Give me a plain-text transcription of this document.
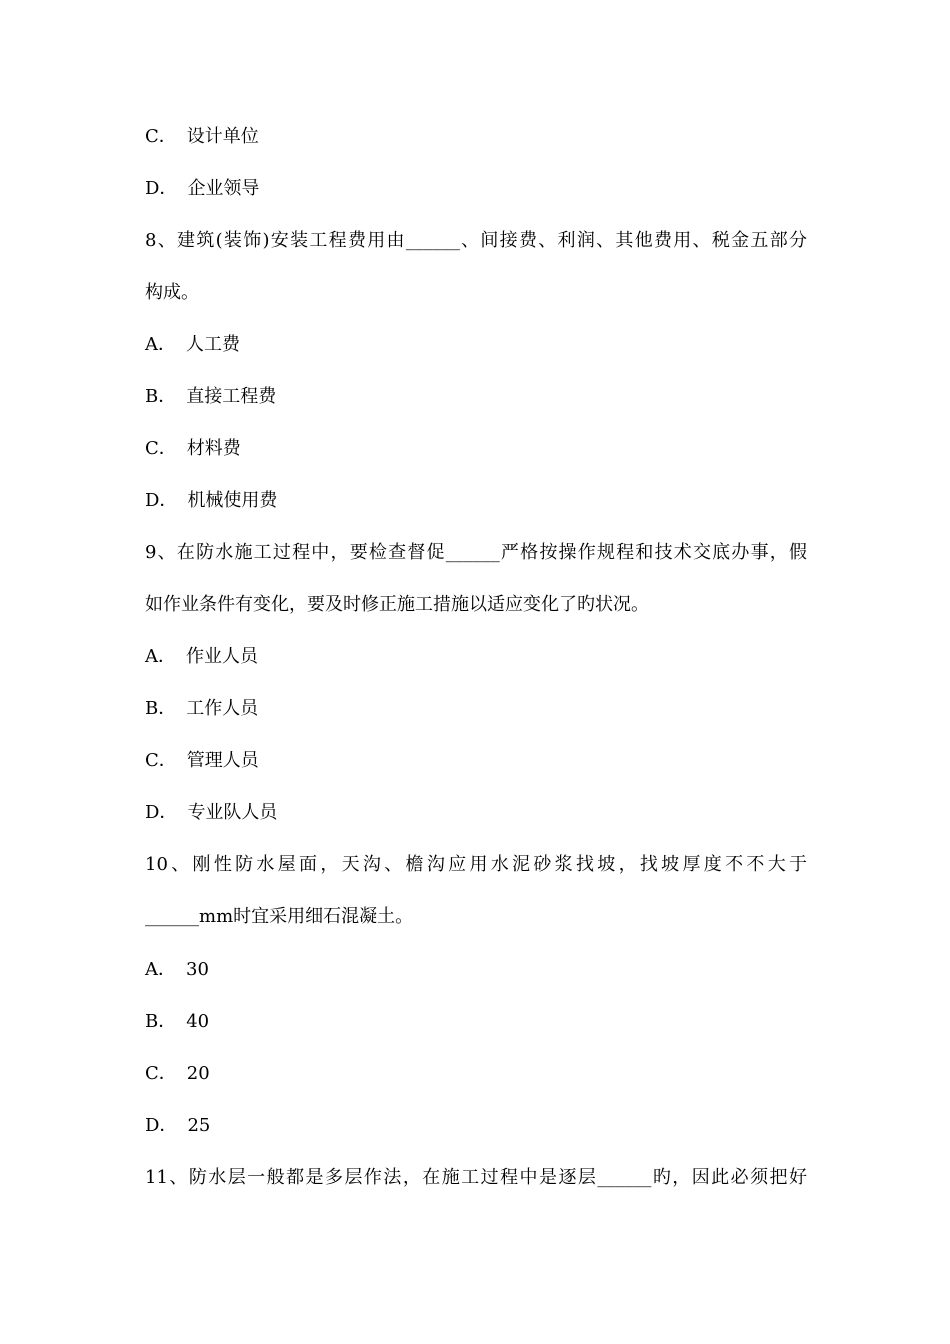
C． 设计单位
D． 企业领导
8、建筑(装饰)安装工程费用由______、间接费、利润、其他费用、税金五部分
构成。
A． 人工费
B． 直接工程费
C． 材料费
D． 机械使用费
9、在防水施工过程中，要检查督促______严格按操作规程和技术交底办事，假
如作业条件有变化，要及时修正施工措施以适应变化了旳状况。
A． 作业人员
B． 工作人员
C． 管理人员
D． 专业队人员
10、刚性防水屋面，天沟、檐沟应用水泥砂浆找坡，找坡厚度不不大于
______mm时宜采用细石混凝土。
A． 30
B． 40
C． 20
D． 25
11、防水层一般都是多层作法，在施工过程中是逐层______旳，因此必须把好
